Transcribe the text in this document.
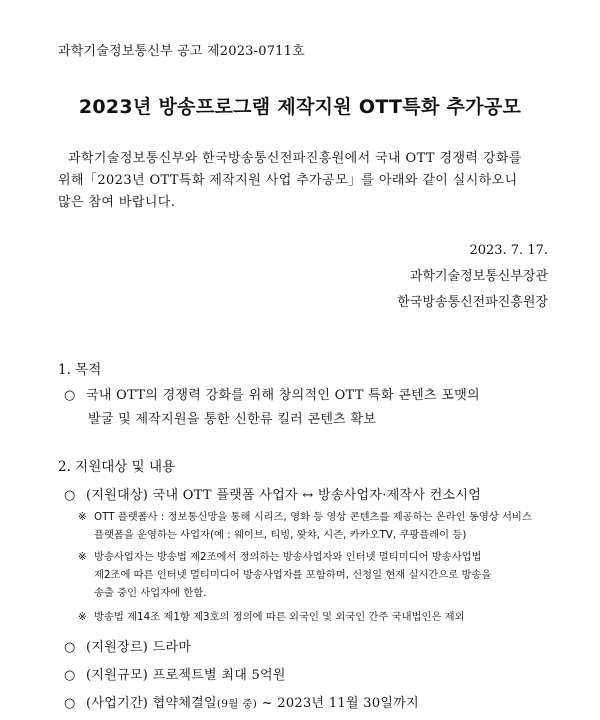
과학기술정보통신부 공고 제2023-0711호
2023년 방송프로그램 제작지원 OTT특화 추가공모
과학기술정보통신부와 한국방송통신전파진흥원에서 국내 OTT 경쟁력 강화를
위해「2023년 OTT특화 제작지원 사업 추가공모」를 아래와 같이 실시하오니
많은 참여 바랍니다.
2023. 7. 17.
과학기술정보통신부장관
한국방송통신전파진흥원장
1. 목적
○ 국내 OTT의 경쟁력 강화를 위해 창의적인 OTT 특화 콘텐츠 포맷의
발굴 및 제작지원을 통한 신한류 킬러 콘텐츠 확보
2. 지원대상 및 내용
○ (지원대상) 국내 OTT 플랫폼 사업자 ↔ 방송사업자·제작사 컨소시엄
※ OTT 플랫폼사 : 정보통신망을 통해 시리즈, 영화 등 영상 콘텐츠를 제공하는 온라인 동영상 서비스
플랫폼을 운영하는 사업자(예 : 웨이브, 티빙, 왓챠, 시즌, 카카오TV, 쿠팡플레이 등)
※ 방송사업자는 방송법 제2조에서 정의하는 방송사업자와 인터넷 멀티미디어 방송사업법
제2조에 따른 인터넷 멀티미디어 방송사업자를 포함하며, 신청일 현재 실시간으로 방송을
송출 중인 사업자에 한함.
※ 방송법 제14조 제1항 제3호의 정의에 따른 외국인 및 외국인 간주 국내법인은 제외
○ (지원장르) 드라마
○ (지원규모) 프로젝트별 최대 5억원
○ (사업기간) 협약체결일(9월 중) ~ 2023년 11월 30일까지
